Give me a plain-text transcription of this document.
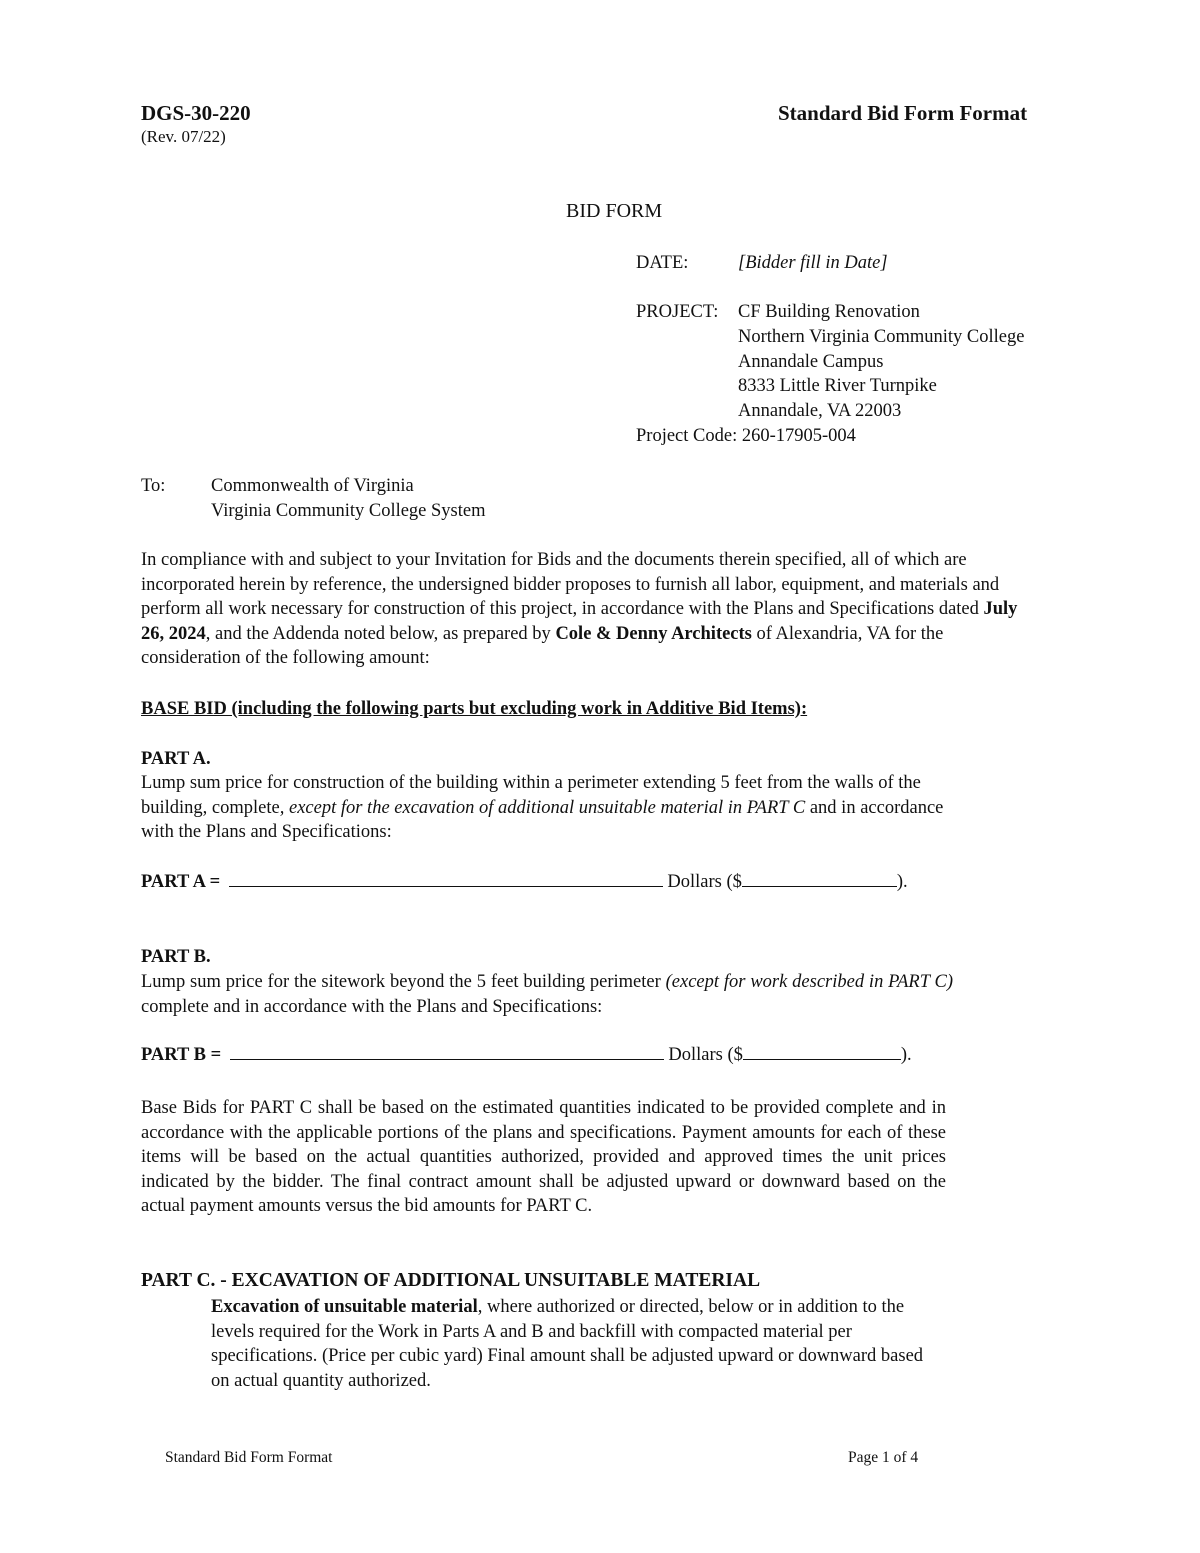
DGS-30-220
(Rev. 07/22)
Standard Bid Form Format
BID FORM
DATE:	[Bidder fill in Date]
PROJECT: CF Building Renovation
Northern Virginia Community College
Annandale Campus
8333 Little River Turnpike
Annandale, VA 22003
Project Code: 260-17905-004
To: Commonwealth of Virginia
Virginia Community College System
In compliance with and subject to your Invitation for Bids and the documents therein specified, all of which are incorporated herein by reference, the undersigned bidder proposes to furnish all labor, equipment, and materials and perform all work necessary for construction of this project, in accordance with the Plans and Specifications dated July 26, 2024, and the Addenda noted below, as prepared by Cole & Denny Architects of Alexandria, VA for the consideration of the following amount:
BASE BID (including the following parts but excluding work in Additive Bid Items):
PART A.
Lump sum price for construction of the building within a perimeter extending 5 feet from the walls of the building, complete, except for the excavation of additional unsuitable material in PART C and in accordance with the Plans and Specifications:
PART A =	Dollars ($	).
PART B.
Lump sum price for the sitework beyond the 5 feet building perimeter (except for work described in PART C) complete and in accordance with the Plans and Specifications:
PART B =	Dollars ($	).
Base Bids for PART C shall be based on the estimated quantities indicated to be provided complete and in accordance with the applicable portions of the plans and specifications. Payment amounts for each of these items will be based on the actual quantities authorized, provided and approved times the unit prices indicated by the bidder. The final contract amount shall be adjusted upward or downward based on the actual payment amounts versus the bid amounts for PART C.
PART C. - EXCAVATION OF ADDITIONAL UNSUITABLE MATERIAL
Excavation of unsuitable material, where authorized or directed, below or in addition to the levels required for the Work in Parts A and B and backfill with compacted material per specifications. (Price per cubic yard) Final amount shall be adjusted upward or downward based on actual quantity authorized.
Standard Bid Form Format	Page 1 of 4
